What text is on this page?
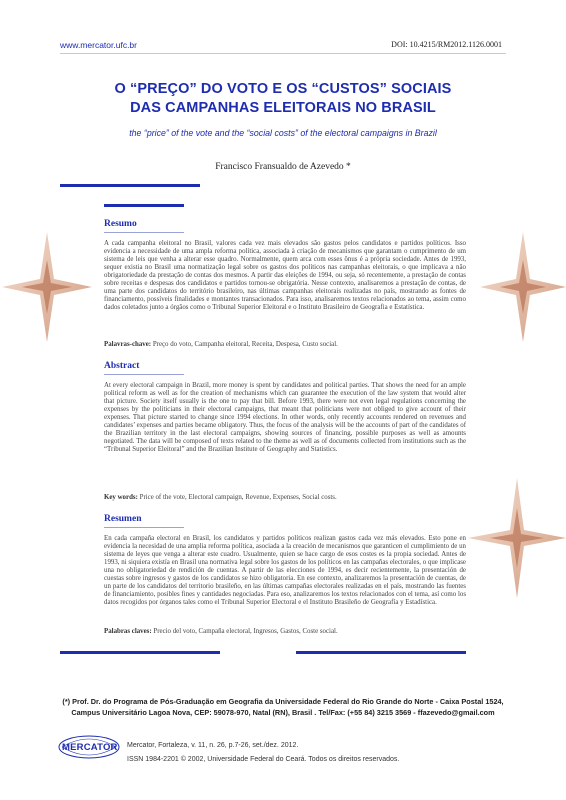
www.mercator.ufc.br	DOI: 10.4215/RM2012.1126.0001
O “PREÇO” DO VOTO E OS “CUSTOS” SOCIAIS
DAS CAMPANHAS ELEITORAIS NO BRASIL
the “price” of the vote and the “social costs” of the electoral campaigns in Brazil
Francisco Fransualdo de Azevedo *
Resumo
A cada campanha eleitoral no Brasil, valores cada vez mais elevados são gastos pelos candidatos e partidos políticos. Isso evidencia a necessidade de uma ampla reforma política, associada à criação de mecanismos que garantam o cumprimento de um sistema de leis que venha a alterar esse quadro. Normalmente, quem arca com esses ônus é a própria sociedade. Antes de 1993, sequer existia no Brasil uma normatização legal sobre os gastos dos políticos nas campanhas eleitorais, o que implicava a não obrigatoriedade da prestação de contas dos mesmos. A partir das eleições de 1994, ou seja, só recentemente, a prestação de contas sobre receitas e despesas dos candidatos e partidos tornou-se obrigatória. Nesse contexto, analisaremos a prestação de contas, de uma parte dos candidatos do território brasileiro, nas últimas campanhas eleitorais realizadas no país, mostrando as fontes de financiamento, possíveis finalidades e montantes transacionados. Para isso, analisaremos textos relacionados ao tema, assim como dados coletados junto a órgãos como o Tribunal Superior Eleitoral e o Instituto Brasileiro de Geografia e Estatística.
Palavras-chave: Preço do voto, Campanha eleitoral, Receita, Despesa, Custo social.
Abstract
At every electoral campaign in Brazil, more money is spent by candidates and political parties. That shows the need for an ample political reform as well as for the creation of mechanisms which can guarantee the execution of the law system that would alter that picture. Society itself usually is the one to pay that bill. Before 1993, there were not even legal regulations concerning the expenses by the politicians in their electoral campaigns, that meant that politicians were not obliged to give account of their expenses. That picture started to change since 1994 elections. In other words, only recently accounts rendered on revenues and candidates’ expenses and parties became obligatory. Thus, the focus of the analysis will be the accounts of part of the candidates of the Brazilian territory in the last electoral campaigns, showing sources of financing, possible purposes as well as amounts negotiated. The data will be composed of texts related to the theme as well as of documents collected from institutions such as the “Tribunal Superior Eleitoral” and the Brazilian Institute of Geography and Statistics.
Key words: Price of the vote, Electoral campaign, Revenue, Expenses, Social costs.
Resumen
En cada campaña electoral en Brasil, los candidatos y partidos políticos realizan gastos cada vez más elevados. Esto pone en evidencia la necesidad de una amplia reforma política, asociada a la creación de mecanismos que garanticen el cumplimiento de un sistema de leyes que venga a alterar este cuadro. Usualmente, quien se hace cargo de esos costes es la propia sociedad. Antes de 1993, ni siquiera existía en Brasil una normativa legal sobre los gastos de los políticos en las campañas electorales, o que implicase una no obligatoriedad de rendición de cuentas. A partir de las elecciones de 1994, es decir recientemente, la presentación de cuestas sobre ingresos y gastos de los candidatos se hizo obligatoria. En ese contexto, analizaremos la presentación de cuentas, de un parte de los candidatos del territorio brasileño, en las últimas campañas electorales realizadas en el país, mostrando las fuentes de financiamiento, posibles fines y cantidades negociadas. Para eso, analizaremos los textos relacionados con el tema, así como los datos recogidos por órganos tales como el Tribunal Superior Electoral e el Instituto Brasileño de Geografía y Estadística.
Palabras claves: Precio del voto, Campaña electoral, Ingresos, Gastos, Coste social.
(*) Prof. Dr. do Programa de Pós-Graduação em Geografia da Universidade Federal do Rio Grande do Norte - Caixa Postal 1524,
Campus Universitário Lagoa Nova, CEP: 59078-970, Natal (RN), Brasil . Tel/Fax: (+55 84) 3215 3569 - ffazevedo@gmail.com
MERCATOR Mercator, Fortaleza, v. 11, n. 26, p.7-26, set./dez. 2012.
ISSN 1984-2201 © 2002, Universidade Federal do Ceará. Todos os direitos reservados.
